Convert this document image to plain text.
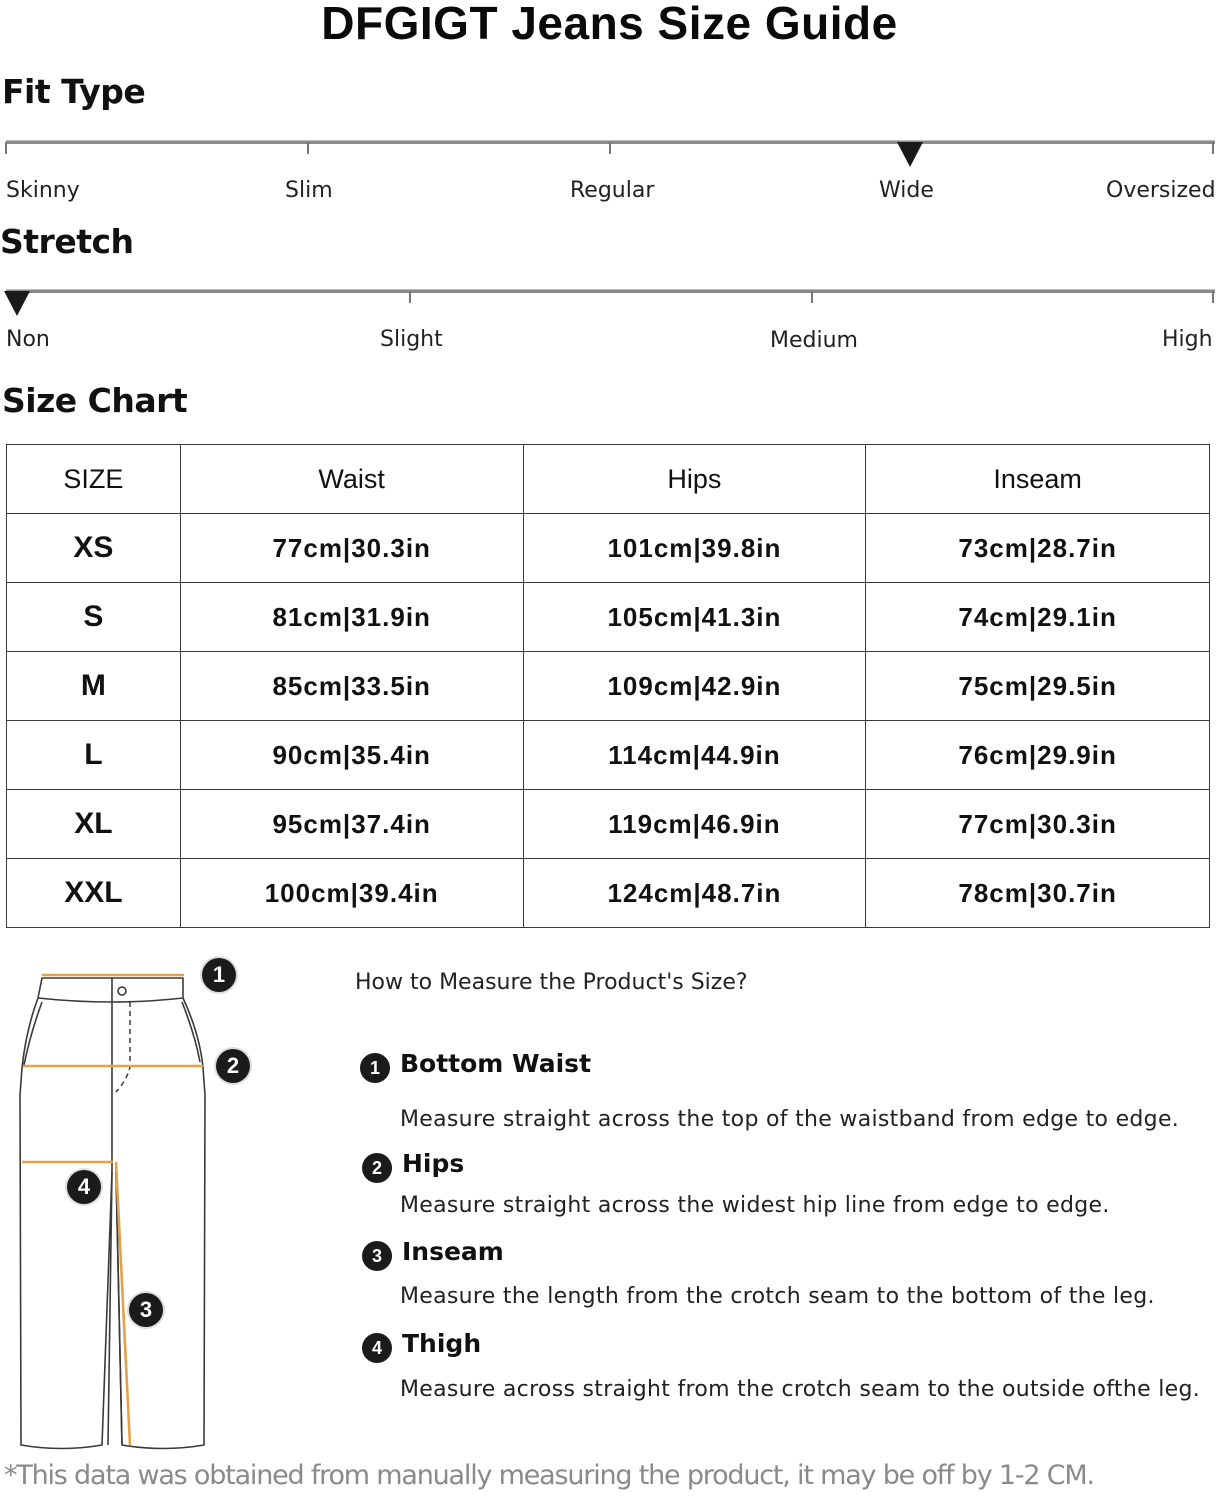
DFGIGT Jeans Size Guide
Fit Type
Skinny	Slim	Regular	Wide	Oversized
Stretch
Non	Slight	Medium	High
Size Chart
SIZE	Waist	Hips	Inseam
XS	77cm|30.3in	101cm|39.8in	73cm|28.7in
S	81cm|31.9in	105cm|41.3in	74cm|29.1in
M	85cm|33.5in	109cm|42.9in	75cm|29.5in
L	90cm|35.4in	114cm|44.9in	76cm|29.9in
XL	95cm|37.4in	119cm|46.9in	77cm|30.3in
XXL	100cm|39.4in	124cm|48.7in	78cm|30.7in
1
2
3
4
How to Measure the Product's Size?
1 Bottom Waist
Measure straight across the top of the waistband from edge to edge.
2 Hips
Measure straight across the widest hip line from edge to edge.
3 Inseam
Measure the length from the crotch seam to the bottom of the leg.
4 Thigh
Measure across straight from the crotch seam to the outside ofthe leg.
*This data was obtained from manually measuring the product, it may be off by 1-2 CM.
